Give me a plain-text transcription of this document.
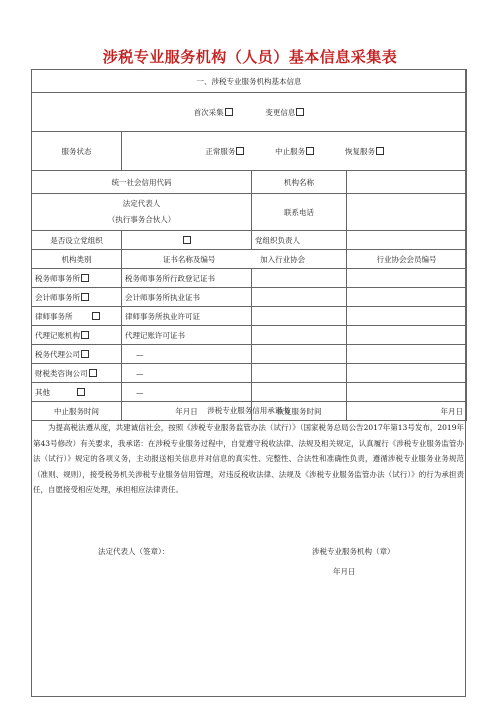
涉税专业服务机构（人员）基本信息采集表
一、涉税专业服务机构基本信息			
首次采集 变更信息			
服务状态	正常服务 中止服务 恢复服务		
统一社会信用代码		机构名称	

法定代表人
（执行事务合伙人）		联系电话	
是否设立党组织		党组织负责人	
机构类别	证书名称及编号 加入行业协会		行业协会会员编号
税务师事务所	税务师事务所行政登记证书		
会计师事务所	会计师事务所执业证书		
律师事务所	律师事务所执业许可证		
代理记账机构	代理记账许可证书		
税务代理公司	—		
财税类咨询公司	—		
其他	—		
中止服务时间	年月日	恢复服务时间	年月日
涉税专业服务信用承诺书
为提高税法遵从度，共建诚信社会，按照《涉税专业服务监管办法（试行）》（国家税务总局公告2017年第13号发布，2019年第43号修改）有关要求，我承诺：在涉税专业服务过程中，自觉遵守税收法律、法规及相关规定，认真履行《涉税专业服务监管办法（试行）》规定的各项义务，主动报送相关信息并对信息的真实性、完整性、合法性和准确性负责，遵循涉税专业服务业务规范（准则、规则），接受税务机关涉税专业服务信用管理，对违反税收法律、法规及《涉税专业服务监管办法（试行）》的行为承担责任，自愿接受相应处理，承担相应法律责任。
法定代表人（签章）：	涉税专业服务机构（章）
年月日
